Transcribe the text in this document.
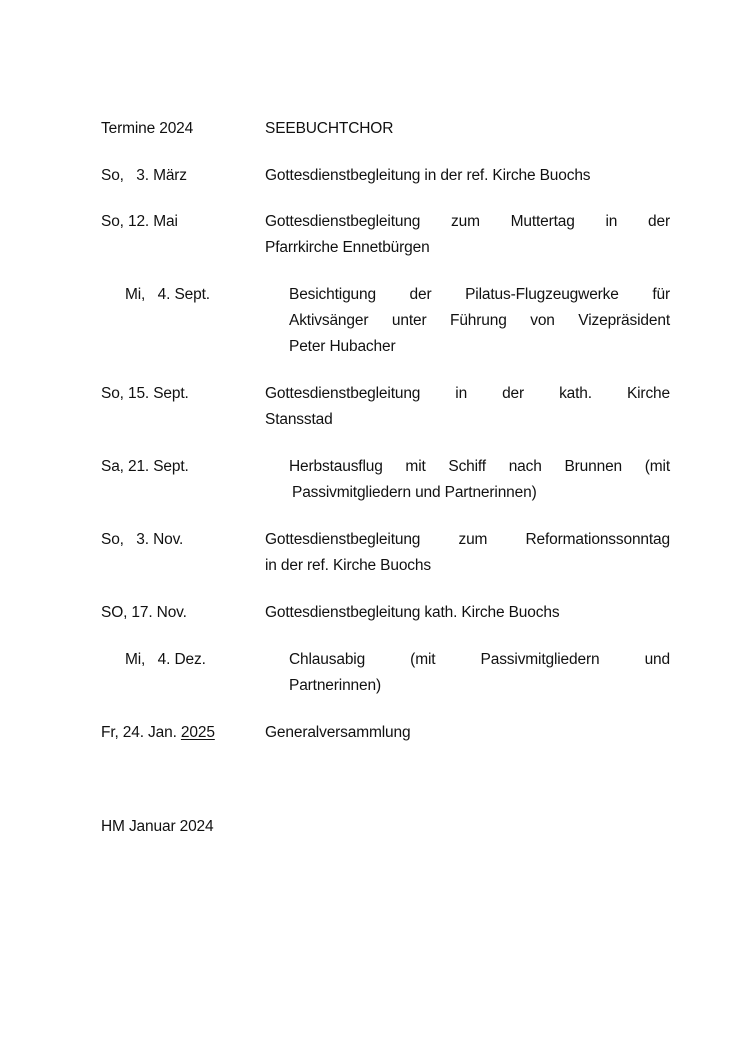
Termine 2024	SEEBUCHTCHOR
So,   3. März	Gottesdienstbegleitung in der ref. Kirche Buochs
So, 12. Mai	Gottesdienstbegleitung zum Muttertag in der
Pfarrkirche Ennetbürgen
Mi,   4. Sept.	Besichtigung der Pilatus-Flugzeugwerke für
Aktivsänger unter Führung von Vizepräsident
Peter Hubacher
So, 15. Sept.	Gottesdienstbegleitung in der kath. Kirche
Stansstad
Sa, 21. Sept.	Herbstausflug mit Schiff nach Brunnen (mit
Passivmitgliedern und Partnerinnen)
So,   3. Nov.	Gottesdienstbegleitung zum Reformationssonntag
in der ref. Kirche Buochs
SO, 17. Nov.	Gottesdienstbegleitung kath. Kirche Buochs
Mi,   4. Dez.	Chlausabig (mit Passivmitgliedern und
Partnerinnen)
Fr, 24. Jan. 2025	Generalversammlung
HM Januar 2024
